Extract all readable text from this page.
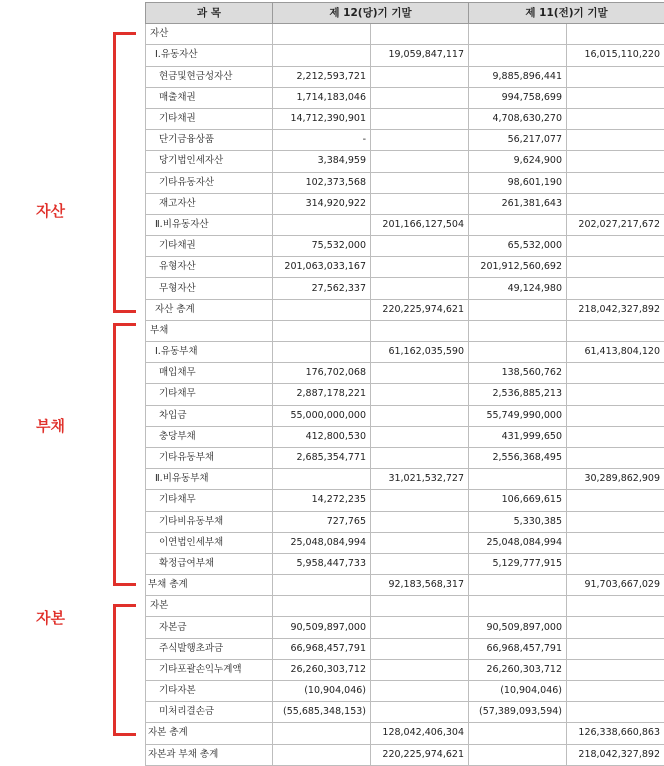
자산
부채
자본
과 목	제 12(당)기 기말		제 11(전)기 기말	
자산				
Ⅰ.유동자산		19,059,847,117		16,015,110,220
현금및현금성자산	2,212,593,721		9,885,896,441	
매출채권	1,714,183,046		994,758,699	
기타채권	14,712,390,901		4,708,630,270	
단기금융상품	-		56,217,077	
당기법인세자산	3,384,959		9,624,900	
기타유동자산	102,373,568		98,601,190	
재고자산	314,920,922		261,381,643	
Ⅱ.비유동자산		201,166,127,504		202,027,217,672
기타채권	75,532,000		65,532,000	
유형자산	201,063,033,167		201,912,560,692	
무형자산	27,562,337		49,124,980	
자산 총계		220,225,974,621		218,042,327,892
부채				
Ⅰ.유동부채		61,162,035,590		61,413,804,120
매입채무	176,702,068		138,560,762	
기타채무	2,887,178,221		2,536,885,213	
차입금	55,000,000,000		55,749,990,000	
충당부채	412,800,530		431,999,650	
기타유동부채	2,685,354,771		2,556,368,495	
Ⅱ.비유동부채		31,021,532,727		30,289,862,909
기타채무	14,272,235		106,669,615	
기타비유동부채	727,765		5,330,385	
이연법인세부채	25,048,084,994		25,048,084,994	
확정급여부채	5,958,447,733		5,129,777,915	
부채 총계		92,183,568,317		91,703,667,029
자본				
자본금	90,509,897,000		90,509,897,000	
주식발행초과금	66,968,457,791		66,968,457,791	
기타포괄손익누계액	26,260,303,712		26,260,303,712	
기타자본	(10,904,046)		(10,904,046)	
미처리결손금	(55,685,348,153)		(57,389,093,594)	
자본 총계		128,042,406,304		126,338,660,863
자본과 부채 총계		220,225,974,621		218,042,327,892
